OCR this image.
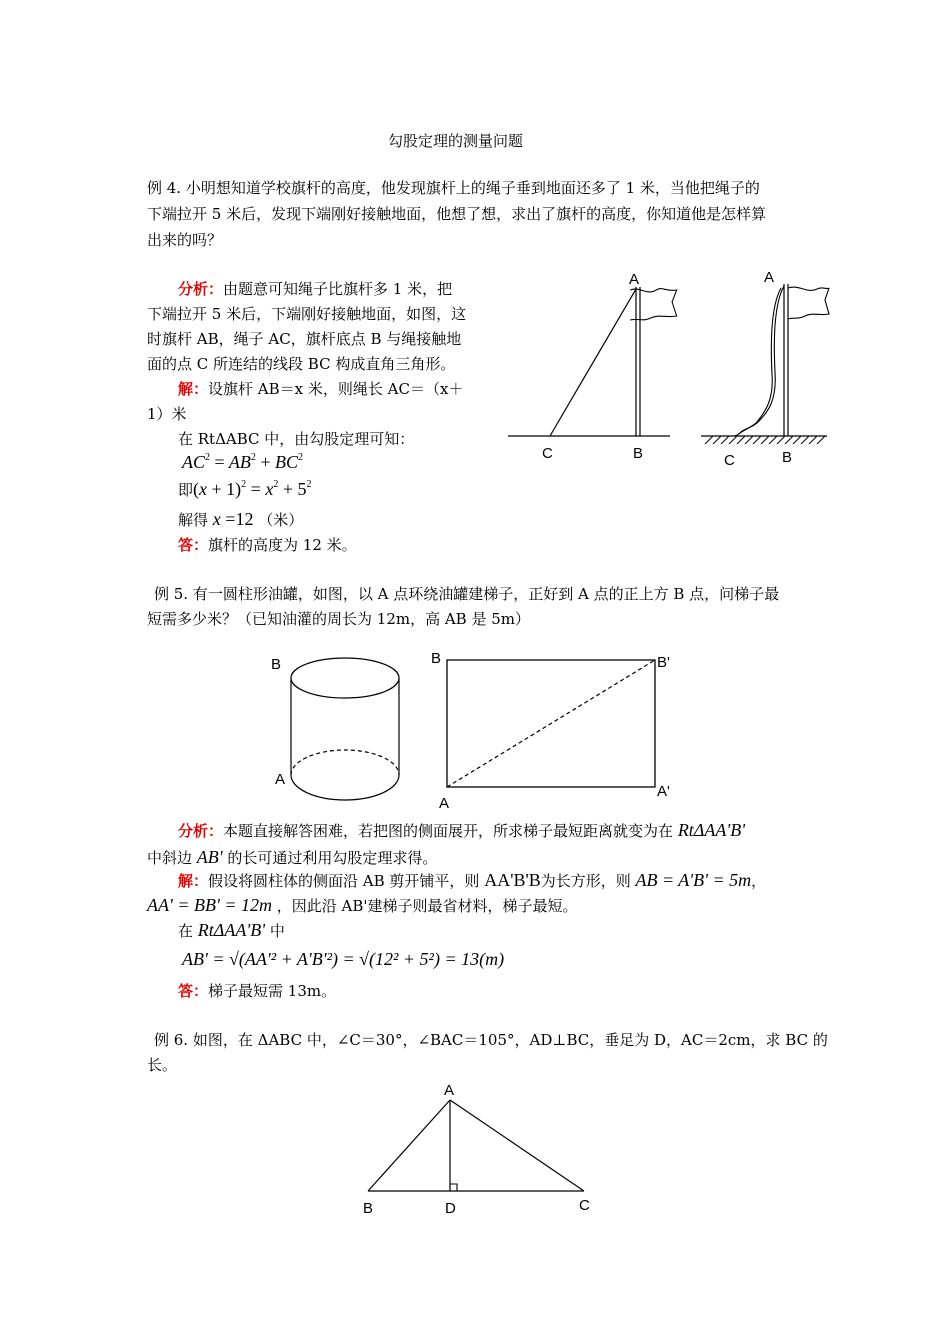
勾股定理的测量问题
例 4. 小明想知道学校旗杆的高度，他发现旗杆上的绳子垂到地面还多了 1 米，当他把绳子的
下端拉开 5 米后，发现下端刚好接触地面，他想了想，求出了旗杆的高度，你知道他是怎样算
出来的吗？
分析：由题意可知绳子比旗杆多 1 米，把
下端拉开 5 米后，下端刚好接触地面，如图，这
时旗杆 AB，绳子 AC，旗杆底点 B 与绳接触地
面的点 C 所连结的线段 BC 构成直角三角形。
解：设旗杆 AB＝x 米，则绳长 AC＝（x＋
1）米
在 RtΔABC 中，由勾股定理可知：
$AC^2 = AB^2 + BC^2$
即$(x + 1)^2 = x^2 + 5^2$
解得 x =12 （米）
答：旗杆的高度为 12 米。
A
C	B
A
C	B
例 5. 有一圆柱形油罐，如图，以 A 点环绕油罐建梯子，正好到 A 点的正上方 B 点，问梯子最
短需多少米？（已知油灌的周长为 12m，高 AB 是 5m）
B
A
B	B'
A
A'
分析：本题直接解答困难，若把图的侧面展开，所求梯子最短距离就变为在 RtΔAA'B'
中斜边 AB' 的长可通过利用勾股定理求得。
解：假设将圆柱体的侧面沿 AB 剪开铺平，则 AA'B'B为长方形，则 AB = A'B' = 5m，
AA' = BB' = 12m ，因此沿 AB'建梯子则最省材料，梯子最短。
在 RtΔAA'B' 中
AB' = √(AA'² + A'B'²) = √(12² + 5²) = 13(m)
答：梯子最短需 13m。
例 6. 如图，在 ΔABC 中，∠C＝30°，∠BAC＝105°，AD⊥BC，垂足为 D，AC＝2cm，求 BC 的
长。
A
B	D	C
